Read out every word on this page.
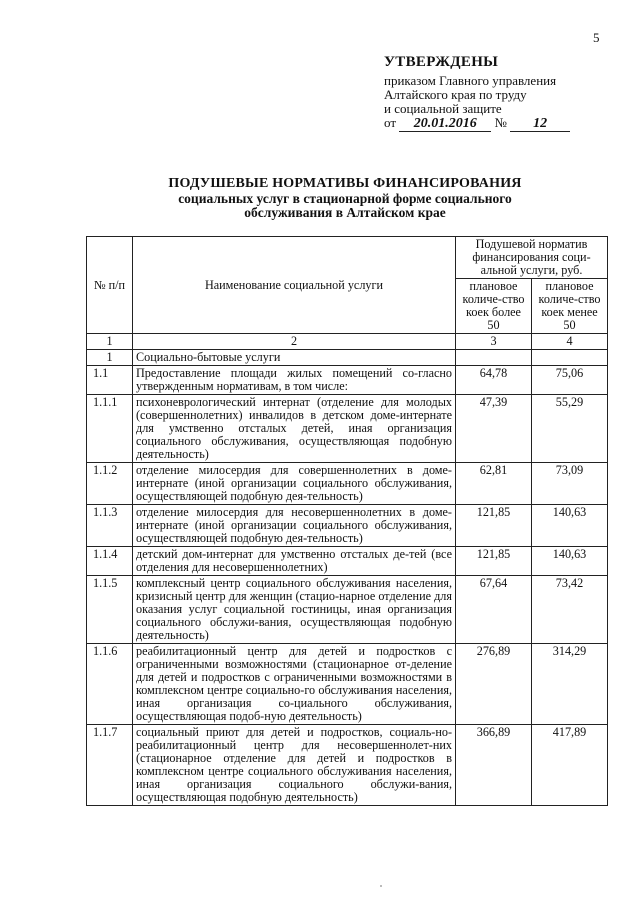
5
УТВЕРЖДЕНЫ
приказом Главного управления
Алтайского края по труду
и социальной защите
от 20.01.2016 № 12
ПОДУШЕВЫЕ НОРМАТИВЫ ФИНАНСИРОВАНИЯ
социальных услуг в стационарной форме социального
обслуживания в Алтайском крае
№ п/п	Наименование социальной услуги	Подушевой норматив финансирования соци-альной услуги, руб.	
		плановое количе-ство коек более 50	плановое количе-ство коек менее 50
1	2	3	4
1	Социально-бытовые услуги		
1.1	Предоставление площади жилых помещений со-гласно утвержденным нормативам, в том числе:	64,78	75,06
1.1.1	психоневрологический интернат (отделение для молодых (совершеннолетних) инвалидов в детском доме-интернате для умственно отсталых детей, иная организация социального обслуживания, осуществляющая подобную деятельность)	47,39	55,29
1.1.2	отделение милосердия для совершеннолетних в доме-интернате (иной организации социального обслуживания, осуществляющей подобную дея-тельность)	62,81	73,09
1.1.3	отделение милосердия для несовершеннолетних в доме-интернате (иной организации социального обслуживания, осуществляющей подобную дея-тельность)	121,85	140,63
1.1.4	детский дом-интернат для умственно отсталых де-тей (все отделения для несовершеннолетних)	121,85	140,63
1.1.5	комплексный центр социального обслуживания населения, кризисный центр для женщин (стацио-нарное отделение для оказания услуг социальной гостиницы, иная организация социального обслужи-вания, осуществляющая подобную деятельность)	67,64	73,42
1.1.6	реабилитационный центр для детей и подростков с ограниченными возможностями (стационарное от-деление для детей и подростков с ограниченными возможностями в комплексном центре социально-го обслуживания населения, иная организация со-циального обслуживания, осуществляющая подоб-ную деятельность)	276,89	314,29
1.1.7	социальный приют для детей и подростков, социаль-но-реабилитационный центр для несовершеннолет-них (стационарное отделение для детей и подростков в комплексном центре социального обслуживания населения, иная организация социального обслужи-вания, осуществляющая подобную деятельность)	366,89	417,89
